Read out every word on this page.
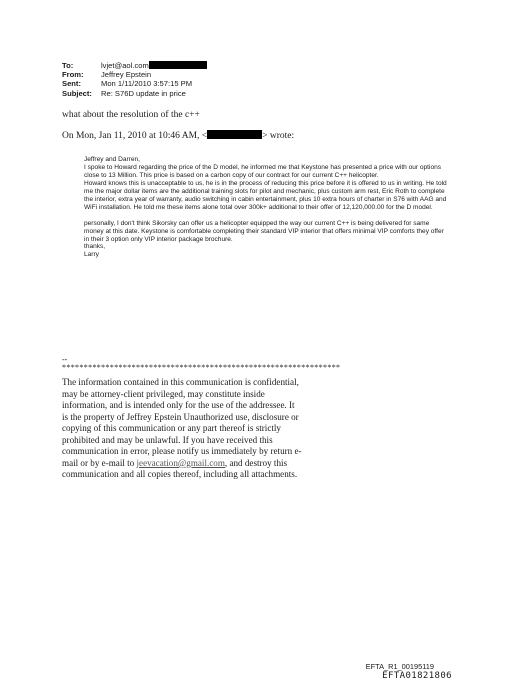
To:	lvjet@aol.com
From:	Jeffrey Epstein
Sent:	Mon 1/11/2010 3:57:15 PM
Subject:	Re: S76D update in price

what about the resolution of the c++

On Mon, Jan 11, 2010 at 10:46 AM, <	> wrote:

Jeffrey and Darren,

I spoke to Howard regarding the price of the D model, he informed me that Keystone has presented a price with our options close to 13 Million. This price is based on a carbon copy of our contract for our current C++ helicopter.

Howard knows this is unacceptable to us, he is in the process of reducing this price before it is offered to us in writing. He told me the major dollar items are the additional training slots for pilot and mechanic, plus custom arm rest, Eric Roth to complete the interior, extra year of warranty, audio switching in cabin entertainment, plus 10 extra hours of charter in S76 with AAG and WiFi installation. He told me these items alone total over 300k+ additional to their offer of 12,120,000.00 for the D model.

personally, I don't think Sikorsky can offer us a helicopter equipped the way our current C++ is being delivered for same money at this date. Keystone is comfortable completing their standard VIP interior that offers minimal VIP comforts they offer in their 3 option only VIP interior package brochure.

thanks,

Larry

--
****************************************************************

The information contained in this communication is confidential, may be attorney-client privileged, may constitute inside information, and is intended only for the use of the addressee. It is the property of Jeffrey Epstein Unauthorized use, disclosure or copying of this communication or any part thereof is strictly prohibited and may be unlawful. If you have received this communication in error, please notify us immediately by return e-mail or by e-mail to jeevacation@gmail.com, and destroy this communication and all copies thereof, including all attachments.

EFTA_R1_00195119
EFTA01821806
